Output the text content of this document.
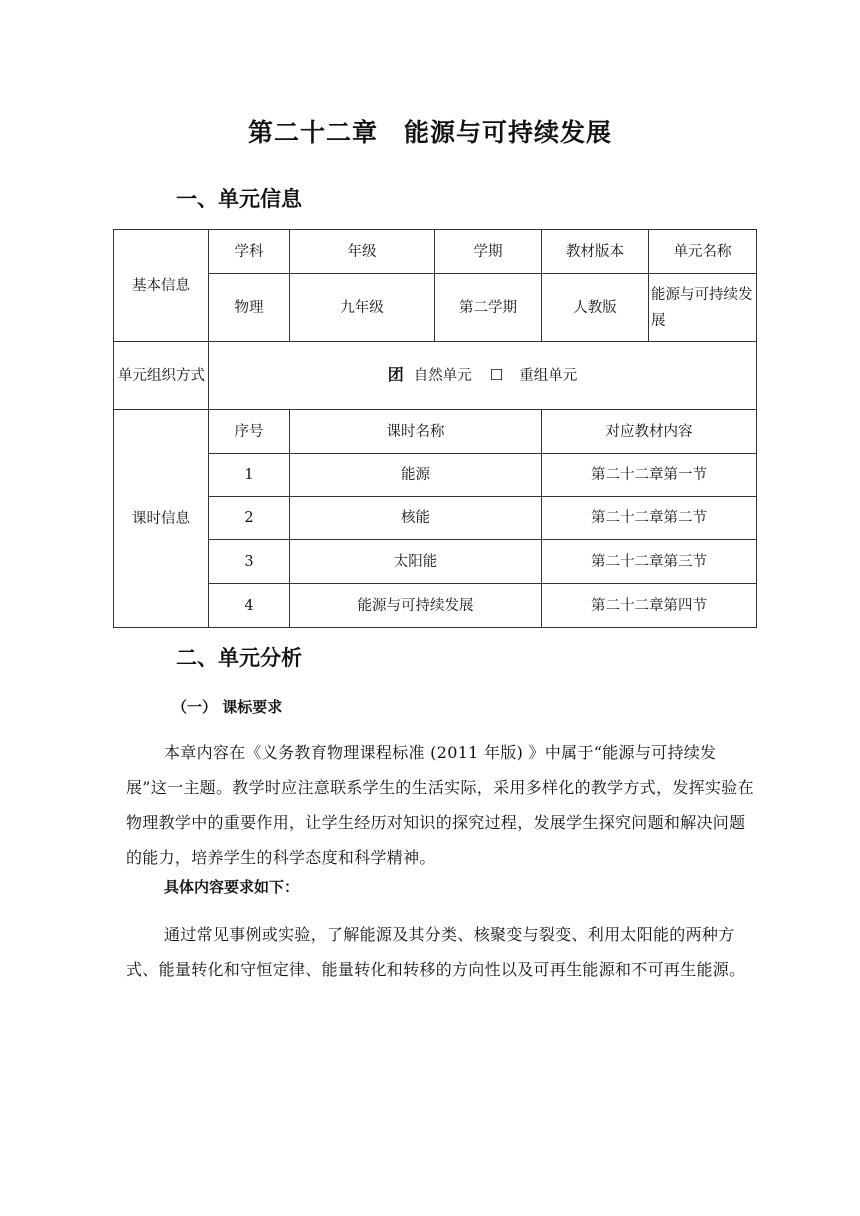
第二十二章 能源与可持续发展
一、单元信息
基本信息	学科	年级	学期	教材版本	单元名称
	物理	九年级	第二学期	人教版	能源与可持续发展
单元组织方式	团 自然单元 ☐ 重组单元				
课时信息	序号	课时名称		对应教材内容	
	1	能源		第二十二章第一节	
	2	核能		第二十二章第二节	
	3	太阳能		第二十二章第三节	
	4	能源与可持续发展		第二十二章第四节	
二、单元分析
（一） 课标要求

本章内容在《义务教育物理课程标准 (2011 年版) 》中属于“能源与可持续发展”这一主题。教学时应注意联系学生的生活实际，采用多样化的教学方式，发挥实验在物理教学中的重要作用，让学生经历对知识的探究过程，发展学生探究问题和解决问题的能力，培养学生的科学态度和科学精神。

具体内容要求如下：

通过常见事例或实验，了解能源及其分类、核聚变与裂变、利用太阳能的两种方式、能量转化和守恒定律、能量转化和转移的方向性以及可再生能源和不可再生能源。
